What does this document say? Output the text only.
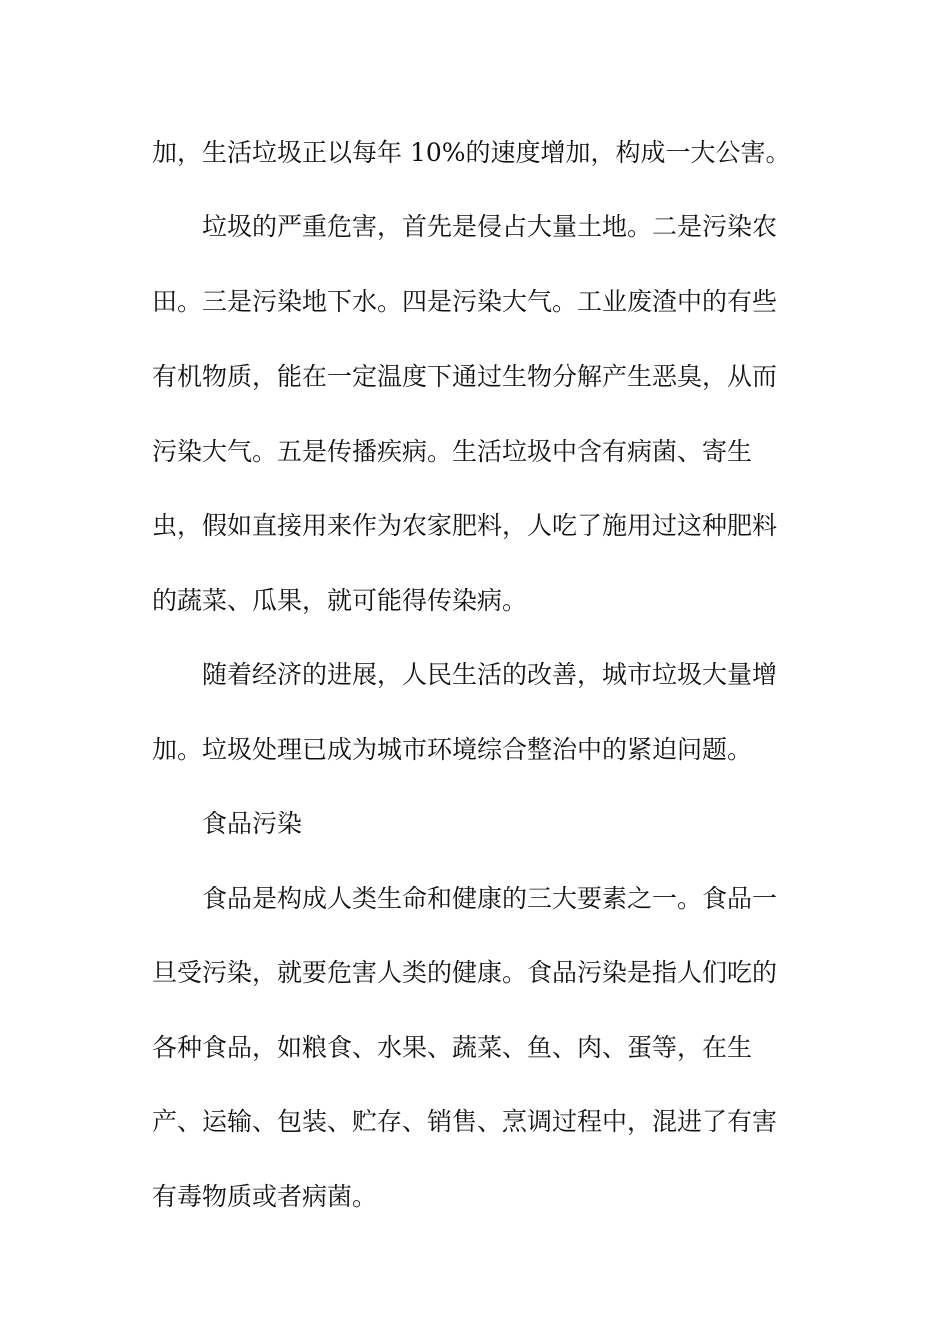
加，生活垃圾正以每年 10%的速度增加，构成一大公害。
垃圾的严重危害，首先是侵占大量土地。二是污染农
田。三是污染地下水。四是污染大气。工业废渣中的有些
有机物质，能在一定温度下通过生物分解产生恶臭，从而
污染大气。五是传播疾病。生活垃圾中含有病菌、寄生
虫，假如直接用来作为农家肥料，人吃了施用过这种肥料
的蔬菜、瓜果，就可能得传染病。
随着经济的进展，人民生活的改善，城市垃圾大量增
加。垃圾处理已成为城市环境综合整治中的紧迫问题。
食品污染
食品是构成人类生命和健康的三大要素之一。食品一
旦受污染，就要危害人类的健康。食品污染是指人们吃的
各种食品，如粮食、水果、蔬菜、鱼、肉、蛋等，在生
产、运输、包装、贮存、销售、烹调过程中，混进了有害
有毒物质或者病菌。
